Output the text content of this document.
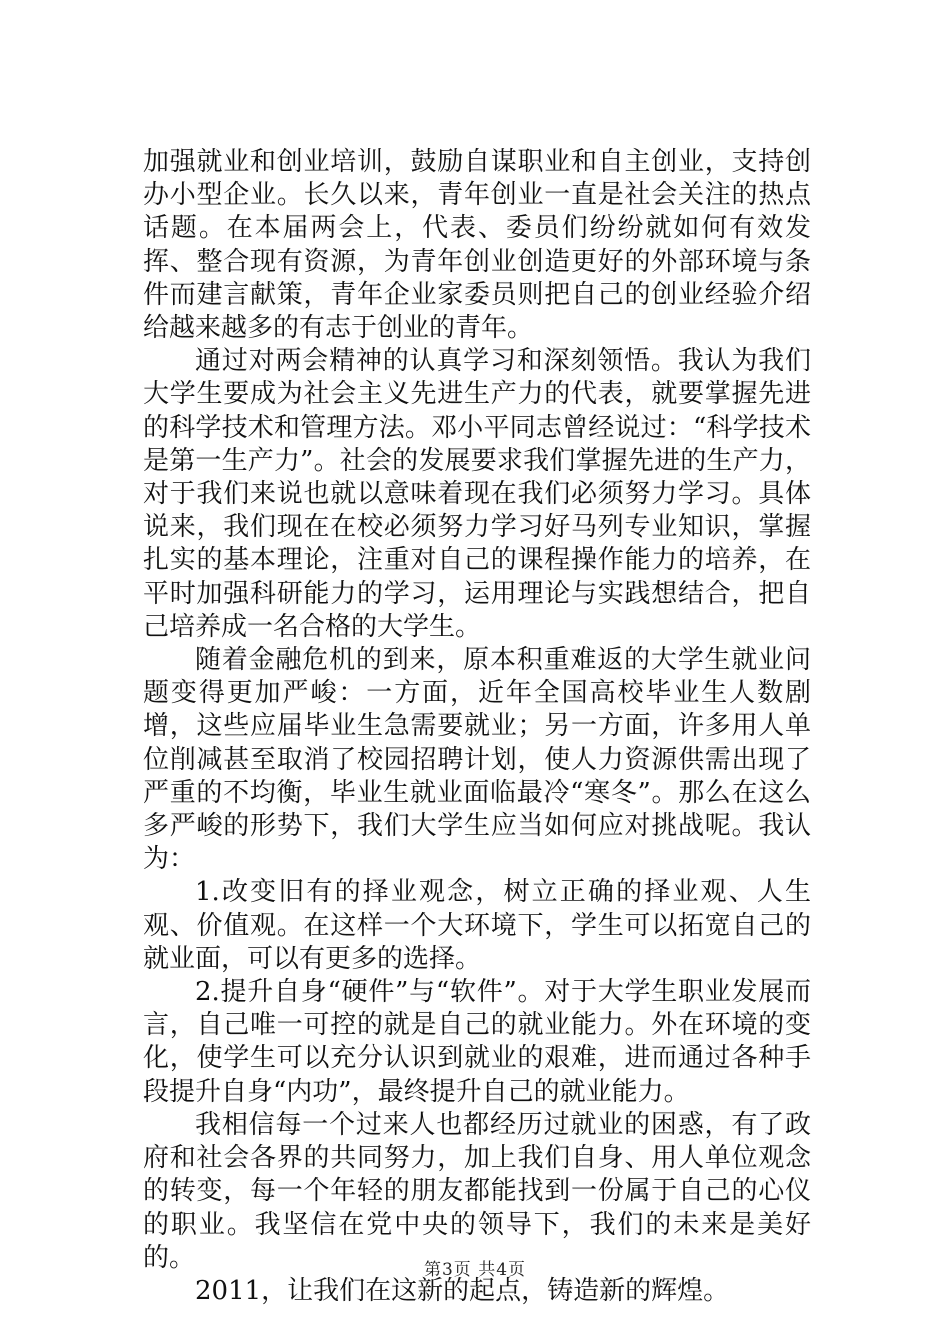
加强就业和创业培训，鼓励自谋职业和自主创业，支持创办小型企业。长久以来，青年创业一直是社会关注的热点话题。在本届两会上，代表、委员们纷纷就如何有效发挥、整合现有资源，为青年创业创造更好的外部环境与条件而建言献策，青年企业家委员则把自己的创业经验介绍给越来越多的有志于创业的青年。

通过对两会精神的认真学习和深刻领悟。我认为我们大学生要成为社会主义先进生产力的代表，就要掌握先进的科学技术和管理方法。邓小平同志曾经说过：“科学技术是第一生产力”。社会的发展要求我们掌握先进的生产力，对于我们来说也就以意味着现在我们必须努力学习。具体说来，我们现在在校必须努力学习好马列专业知识，掌握扎实的基本理论，注重对自己的课程操作能力的培养，在平时加强科研能力的学习，运用理论与实践想结合，把自己培养成一名合格的大学生。

随着金融危机的到来，原本积重难返的大学生就业问题变得更加严峻：一方面，近年全国高校毕业生人数剧增，这些应届毕业生急需要就业；另一方面，许多用人单位削减甚至取消了校园招聘计划，使人力资源供需出现了严重的不均衡，毕业生就业面临最冷“寒冬”。那么在这么多严峻的形势下，我们大学生应当如何应对挑战呢。我认为：

1.改变旧有的择业观念，树立正确的择业观、人生观、价值观。在这样一个大环境下，学生可以拓宽自己的就业面，可以有更多的选择。

2.提升自身“硬件”与“软件”。对于大学生职业发展而言，自己唯一可控的就是自己的就业能力。外在环境的变化，使学生可以充分认识到就业的艰难，进而通过各种手段提升自身“内功”，最终提升自己的就业能力。

我相信每一个过来人也都经历过就业的困惑，有了政府和社会各界的共同努力，加上我们自身、用人单位观念的转变，每一个年轻的朋友都能找到一份属于自己的心仪的职业。我坚信在党中央的领导下，我们的未来是美好的。

2011，让我们在这新的起点，铸造新的辉煌。

第3页 共4页
